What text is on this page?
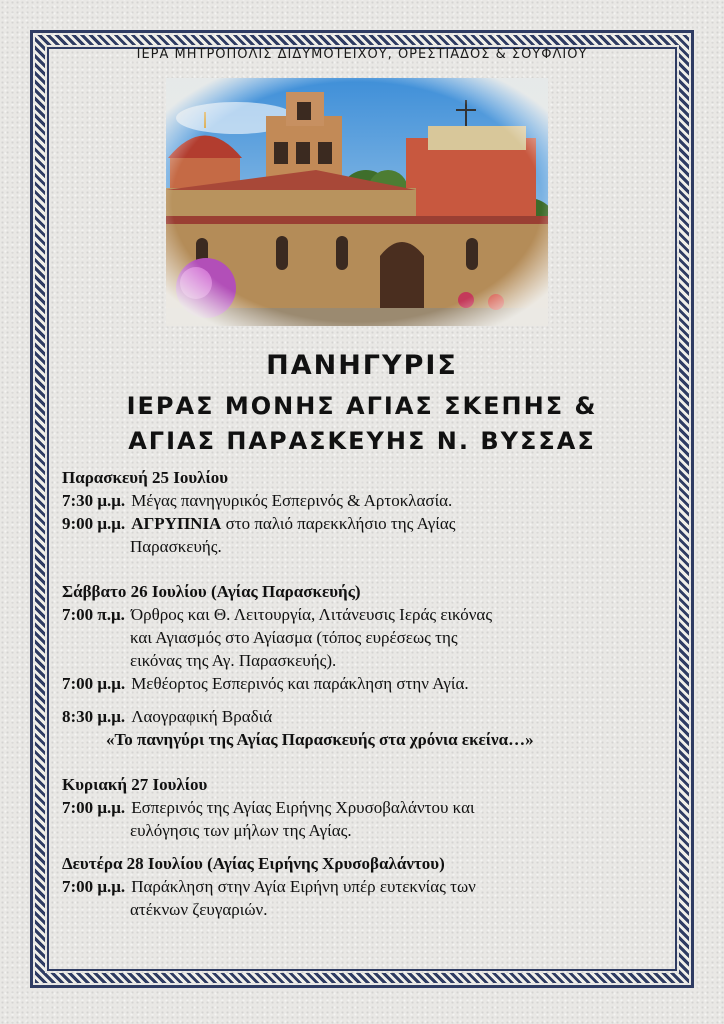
ΙΕΡΑ ΜΗΤΡΟΠΟΛΙΣ ΔΙΔΥΜΟΤΕΙΧΟΥ, ΟΡΕΣΤΙΑΔΟΣ & ΣΟΥΦΛΙΟΥ
ΠΑΝΗΓΥΡΙΣ
ΙΕΡΑΣ ΜΟΝΗΣ ΑΓΙΑΣ ΣΚΕΠΗΣ &
ΑΓΙΑΣ ΠΑΡΑΣΚΕΥΗΣ Ν. ΒΥΣΣΑΣ

Παρασκευή 25 Ιουλίου

7:30 μ.μ. Μέγας πανηγυρικός Εσπερινός & Αρτοκλασία.
9:00 μ.μ. ΑΓΡΥΠΝΙΑ στο παλιό παρεκκλήσιο της Αγίας
Παρασκευής.

Σάββατο 26 Ιουλίου (Αγίας Παρασκευής)

7:00 π.μ. Όρθρος και Θ. Λειτουργία, Λιτάνευσις Ιεράς εικόνας
και Αγιασμός στο Αγίασμα (τόπος ευρέσεως της
εικόνας της Αγ. Παρασκευής).
7:00 μ.μ. Μεθέορτος Εσπερινός και παράκληση στην Αγία.
8:30 μ.μ. Λαογραφική Βραδιά
«Το πανηγύρι της Αγίας Παρασκευής στα χρόνια εκείνα…»

Κυριακή 27 Ιουλίου

7:00 μ.μ. Εσπερινός της Αγίας Ειρήνης Χρυσοβαλάντου και
ευλόγησις των μήλων της Αγίας.

Δευτέρα 28 Ιουλίου (Αγίας Ειρήνης Χρυσοβαλάντου)

7:00 μ.μ. Παράκληση στην Αγία Ειρήνη υπέρ ευτεκνίας των
ατέκνων ζευγαριών.
